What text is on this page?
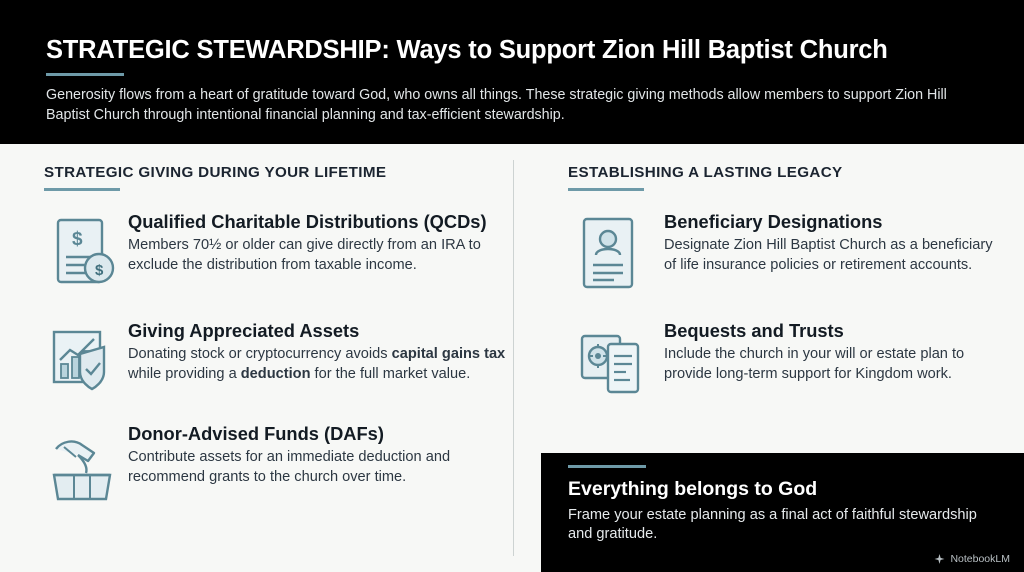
STRATEGIC STEWARDSHIP: Ways to Support Zion Hill Baptist Church
Generosity flows from a heart of gratitude toward God, who owns all things. These strategic giving methods allow members to support Zion Hill Baptist Church through intentional financial planning and tax-efficient stewardship.
STRATEGIC GIVING DURING YOUR LIFETIME
$
$
Qualified Charitable Distributions (QCDs)
Members 70½ or older can give directly from an IRA to exclude the distribution from taxable income.
Giving Appreciated Assets
Donating stock or cryptocurrency avoids capital gains tax while providing a deduction for the full market value.
Donor-Advised Funds (DAFs)
Contribute assets for an immediate deduction and recommend grants to the church over time.
ESTABLISHING A LASTING LEGACY
Beneficiary Designations
Designate Zion Hill Baptist Church as a beneficiary of life insurance policies or retirement accounts.
Bequests and Trusts
Include the church in your will or estate plan to provide long-term support for Kingdom work.
Everything belongs to God
Frame your estate planning as a final act of faithful stewardship and gratitude.
NotebookLM
